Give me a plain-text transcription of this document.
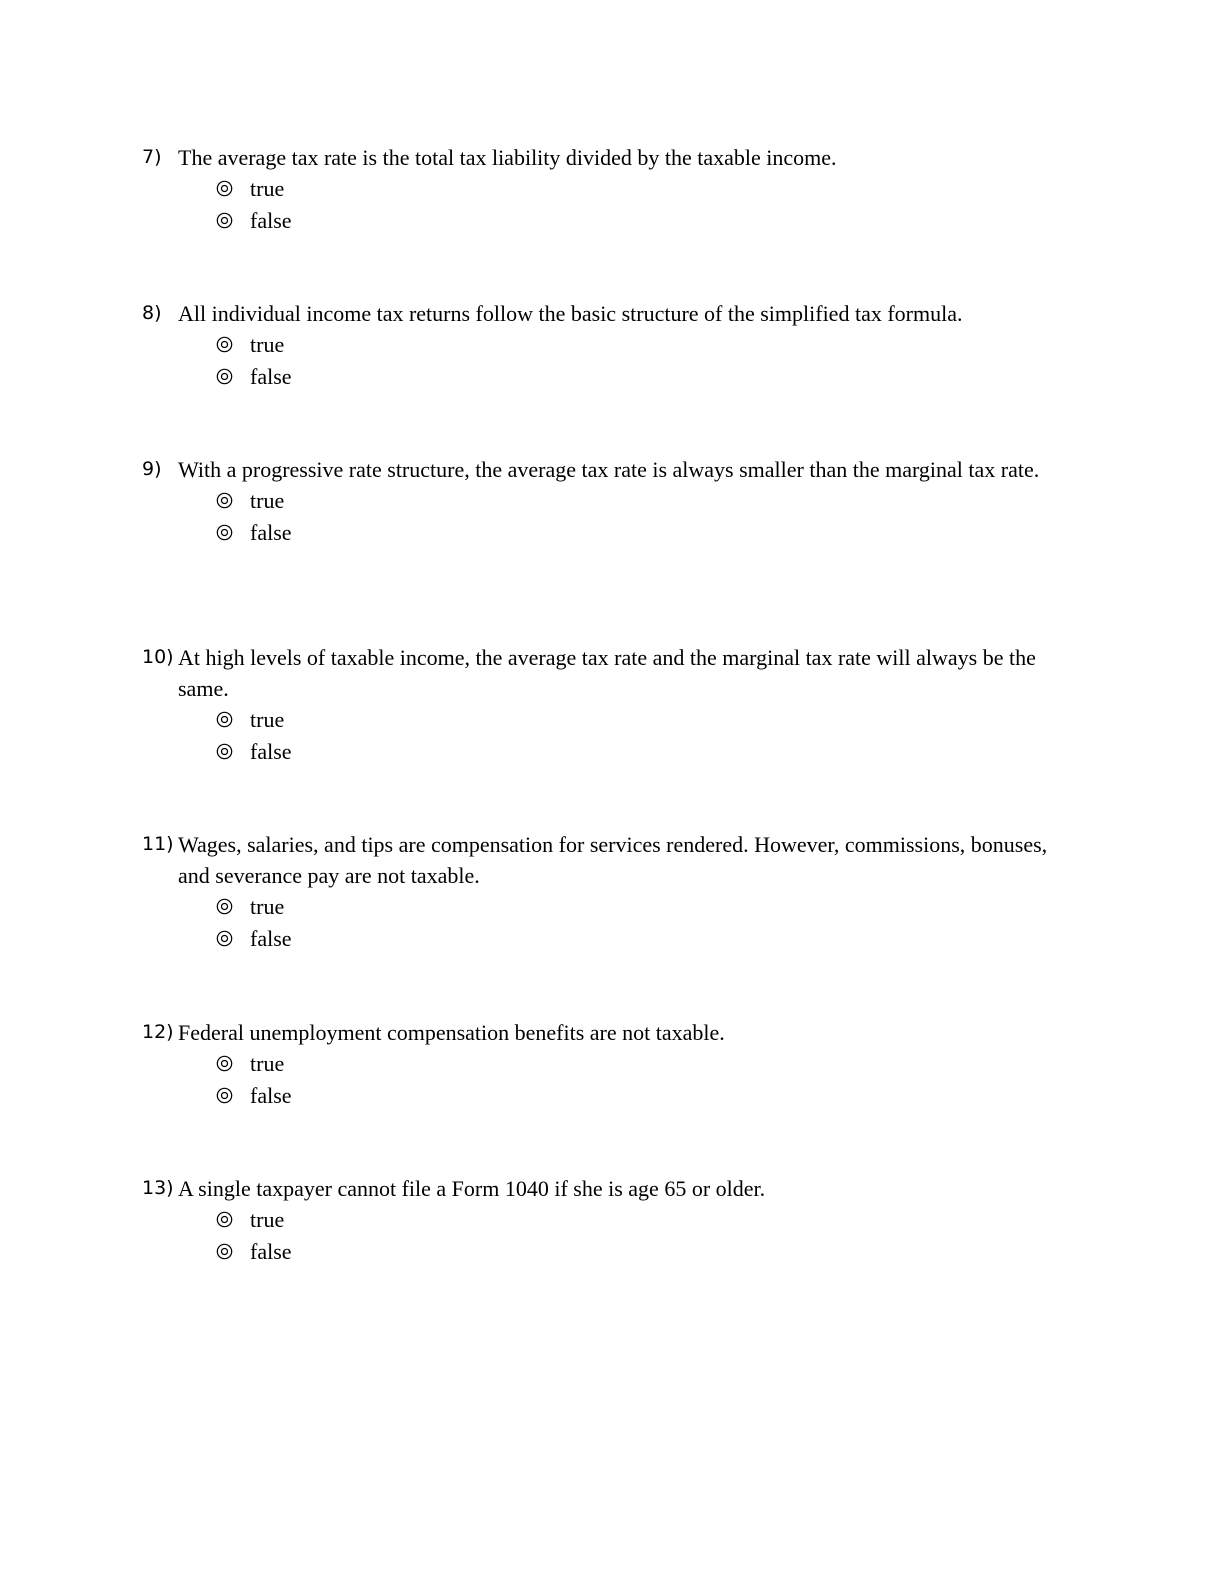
7) The average tax rate is the total tax liability divided by the taxable income.
true
false
8) All individual income tax returns follow the basic structure of the simplified tax formula.
true
false
9) With a progressive rate structure, the average tax rate is always smaller than the marginal tax rate.
true
false
10) At high levels of taxable income, the average tax rate and the marginal tax rate will always be the same.
true
false
11) Wages, salaries, and tips are compensation for services rendered. However, commissions, bonuses, and severance pay are not taxable.
true
false
12) Federal unemployment compensation benefits are not taxable.
true
false
13) A single taxpayer cannot file a Form 1040 if she is age 65 or older.
true
false
